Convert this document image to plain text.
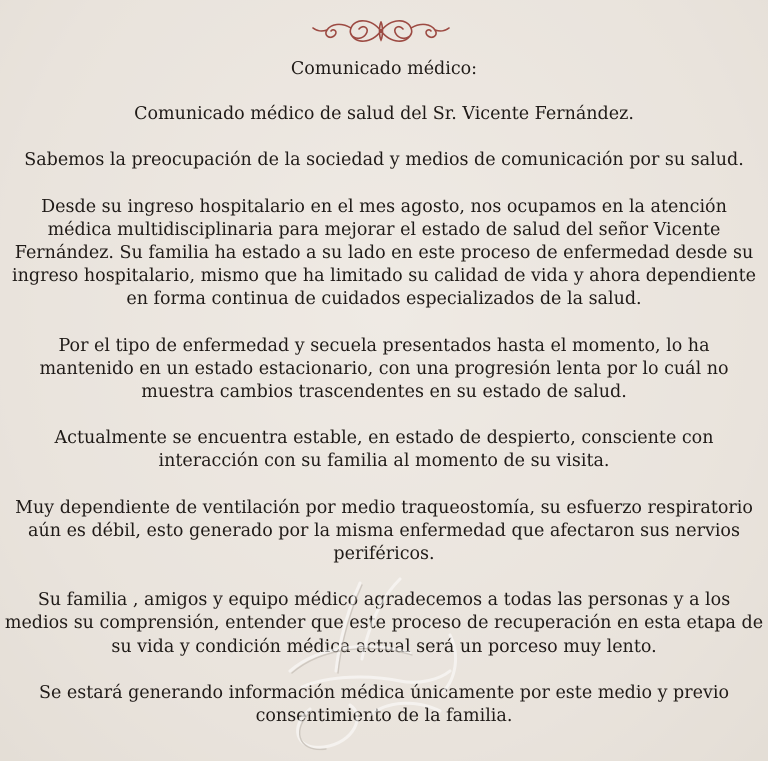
Comunicado médico:
Comunicado médico de salud del Sr. Vicente Fernández.
Sabemos la preocupación de la sociedad y medios de comunicación por su salud.
Desde su ingreso hospitalario en el mes agosto, nos ocupamos en la atención
médica multidisciplinaria para mejorar el estado de salud del señor Vicente
Fernández. Su familia ha estado a su lado en este proceso de enfermedad desde su
ingreso hospitalario, mismo que ha limitado su calidad de vida y ahora dependiente
en forma continua de cuidados especializados de la salud.
Por el tipo de enfermedad y secuela presentados hasta el momento, lo ha
mantenido en un estado estacionario, con una progresión lenta por lo cuál no
muestra cambios trascendentes en su estado de salud.
Actualmente se encuentra estable, en estado de despierto, consciente con
interacción con su familia al momento de su visita.
Muy dependiente de ventilación por medio traqueostomía, su esfuerzo respiratorio
aún es débil, esto generado por la misma enfermedad que afectaron sus nervios
periféricos.
Su familia , amigos y equipo médico agradecemos a todas las personas y a los
medios su comprensión, entender que este proceso de recuperación en esta etapa de
su vida y condición médica actual será un porceso muy lento.
Se estará generando información médica únicamente por este medio y previo
consentimiento de la familia.
